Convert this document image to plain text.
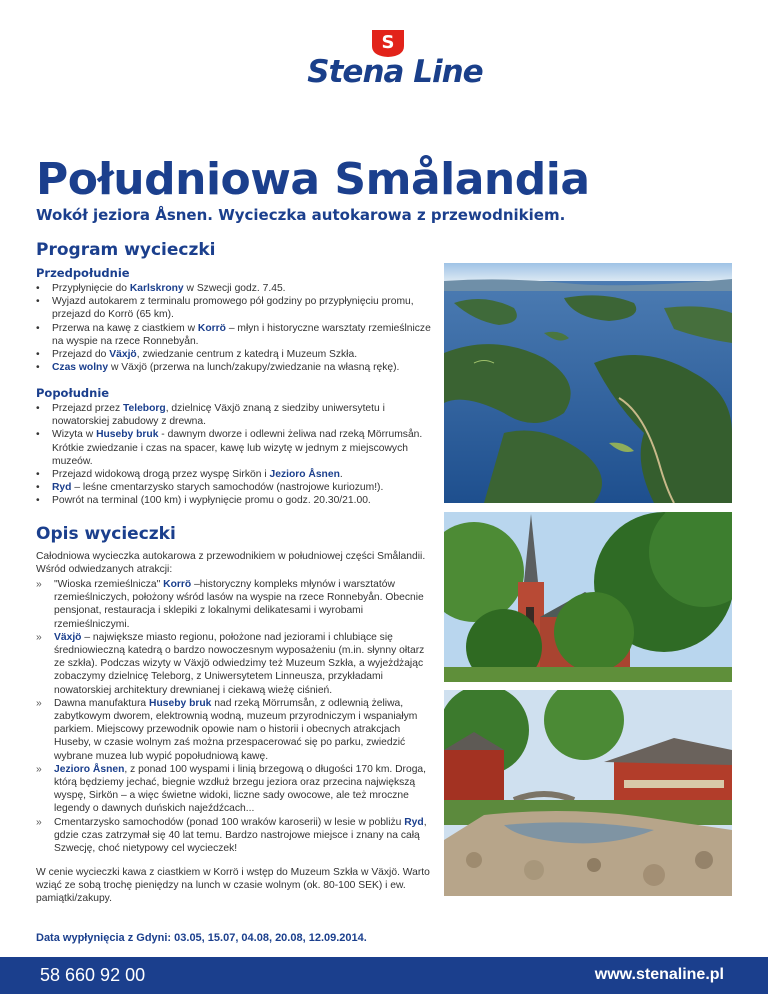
S
Stena Line
Południowa Smålandia

Wokół jeziora Åsnen. Wycieczka autokarowa z przewodnikiem.

Program wycieczki
Przedpołudnie
• Przypłynięcie do Karlskrony w Szwecji godz. 7.45.
• Wyjazd autokarem z terminalu promowego pół godziny po przypłynięciu promu, przejazd do Korrö (65 km).
• Przerwa na kawę z ciastkiem w Korrö – młyn i historyczne warsztaty rzemieślnicze na wyspie na rzece Ronnebyån.
• Przejazd do Växjö, zwiedzanie centrum z katedrą i Muzeum Szkła.
• Czas wolny w Växjö (przerwa na lunch/zakupy/zwiedzanie na własną rękę).
Popołudnie
• Przejazd przez Teleborg, dzielnicę Växjö znaną z siedziby uniwersytetu i nowatorskiej zabudowy z drewna.
• Wizyta w Huseby bruk - dawnym dworze i odlewni żeliwa nad rzeką Mörrumsån. Krótkie zwiedzanie i czas na spacer, kawę lub wizytę w jednym z miejscowych muzeów.
• Przejazd widokową drogą przez wyspę Sirkön i Jezioro Åsnen.
• Ryd – leśne cmentarzysko starych samochodów (nastrojowe kuriozum!).
• Powrót na terminal (100 km) i wypłynięcie promu o godz. 20.30/21.00.
Opis wycieczki

Całodniowa wycieczka autokarowa z przewodnikiem w południowej części Smålandii. Wśród odwiedzanych atrakcji:

» "Wioska rzemieślnicza" Korrö –historyczny kompleks młynów i warsztatów rzemieślniczych, położony wśród lasów na wyspie na rzece Ronnebyån. Obecnie pensjonat, restauracja i sklepiki z lokalnymi delikatesami i wyrobami rzemieślniczymi.
» Växjö – największe miasto regionu, położone nad jeziorami i chlubiące się średniowieczną katedrą o bardzo nowoczesnym wyposażeniu (m.in. słynny ołtarz ze szkła). Podczas wizyty w Växjö odwiedzimy też Muzeum Szkła, a wyjeżdżając zobaczymy dzielnicę Teleborg, z Uniwersytetem Linneusza, przykładami nowatorskiej architektury drewnianej i ciekawą wieżę ciśnień.
» Dawna manufaktura Huseby bruk nad rzeką Mörrumsån, z odlewnią żeliwa, zabytkowym dworem, elektrownią wodną, muzeum przyrodniczym i wspaniałym parkiem. Miejscowy przewodnik opowie nam o historii i obecnych atrakcjach Huseby, w czasie wolnym zaś można przespacerować się po parku, zwiedzić wybrane muzea lub wypić popołudniową kawę.
» Jezioro Åsnen, z ponad 100 wyspami i linią brzegową o długości 170 km. Droga, którą będziemy jechać, biegnie wzdłuż brzegu jeziora oraz przecina największą wyspę, Sirkön – a więc świetne widoki, liczne sady owocowe, ale też mroczne legendy o dawnych duńskich najeźdźcach...
» Cmentarzysko samochodów (ponad 100 wraków karoserii) w lesie w pobliżu Ryd, gdzie czas zatrzymał się 40 lat temu. Bardzo nastrojowe miejsce i znany na całą Szwecję, choć nietypowy cel wycieczek!

W cenie wycieczki kawa z ciastkiem w Korrö i wstęp do Muzeum Szkła w Växjö. Warto wziąć ze sobą trochę pieniędzy na lunch w czasie wolnym (ok. 80-100 SEK) i ew. pamiątki/zakupy.

Data wypłynięcia z Gdyni: 03.05, 15.07, 04.08, 20.08, 12.09.2014.

58 660 92 00	www.stenaline.pl
